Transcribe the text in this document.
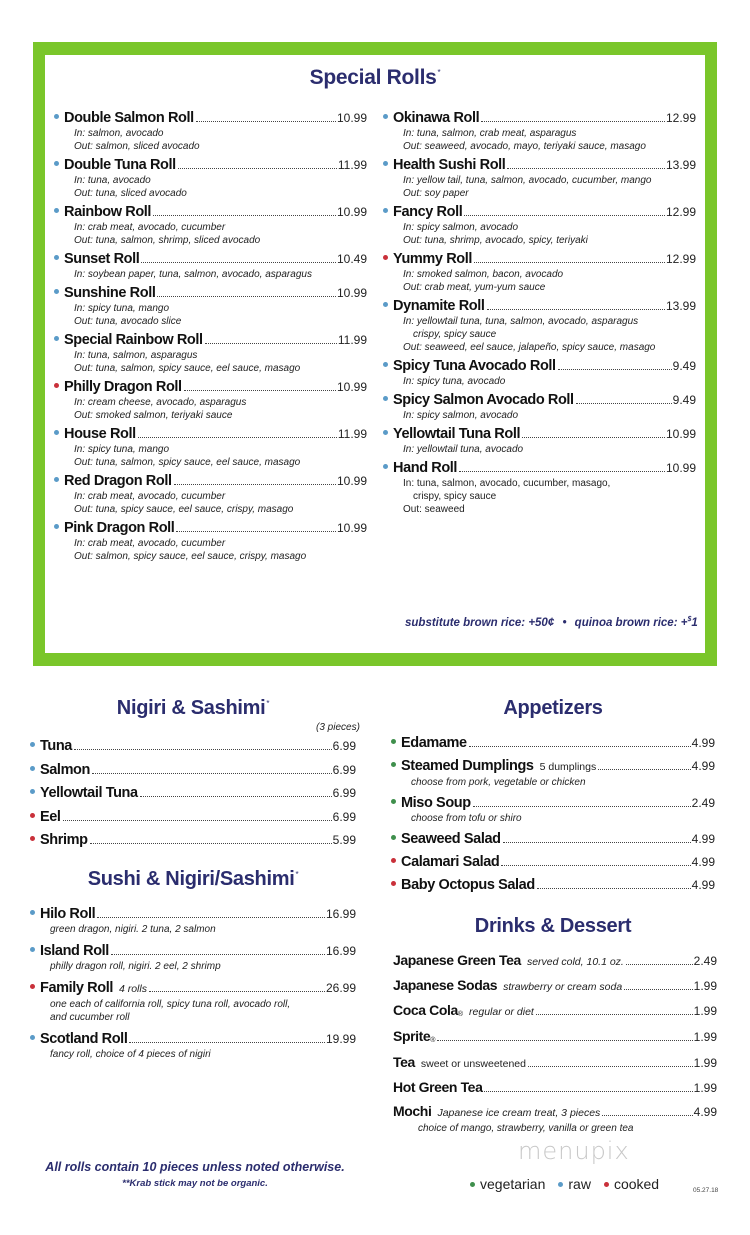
Special Rolls*
Double Salmon Roll	10.99
In: salmon, avocado
Out: salmon, sliced avocado
Double Tuna Roll	11.99
In: tuna, avocado
Out: tuna, sliced avocado
Rainbow Roll	10.99
In: crab meat, avocado, cucumber
Out: tuna, salmon, shrimp, sliced avocado
Sunset Roll	10.49
In: soybean paper, tuna, salmon, avocado, asparagus
Sunshine Roll	10.99
In: spicy tuna, mango
Out: tuna, avocado slice
Special Rainbow Roll	11.99
In: tuna, salmon, asparagus
Out: tuna, salmon, spicy sauce, eel sauce, masago
Philly Dragon Roll	10.99
In: cream cheese, avocado, asparagus
Out: smoked salmon, teriyaki sauce
House Roll	11.99
In: spicy tuna, mango
Out: tuna, salmon, spicy sauce, eel sauce, masago
Red Dragon Roll	10.99
In: crab meat, avocado, cucumber
Out: tuna, spicy sauce, eel sauce, crispy, masago
Pink Dragon Roll	10.99
In: crab meat, avocado, cucumber
Out: salmon, spicy sauce, eel sauce, crispy, masago
Okinawa Roll	12.99
In: tuna, salmon, crab meat, asparagus
Out: seaweed, avocado, mayo, teriyaki sauce, masago
Health Sushi Roll	13.99
In: yellow tail, tuna, salmon, avocado, cucumber, mango
Out: soy paper
Fancy Roll	12.99
In: spicy salmon, avocado
Out: tuna, shrimp, avocado, spicy, teriyaki
Yummy Roll	12.99
In: smoked salmon, bacon, avocado
Out: crab meat, yum-yum sauce
Dynamite Roll	13.99
In: yellowtail tuna, tuna, salmon, avocado, asparagus
crispy, spicy sauce
Out: seaweed, eel sauce, jalapeño, spicy sauce, masago
Spicy Tuna Avocado Roll	9.49
In: spicy tuna, avocado
Spicy Salmon Avocado Roll	9.49
In: spicy salmon, avocado
Yellowtail Tuna Roll	10.99
In: yellowtail tuna, avocado
Hand Roll	10.99
In: tuna, salmon, avocado, cucumber, masago,
crispy, spicy sauce
Out: seaweed
substitute brown rice: +50¢ • quinoa brown rice: +$1
Nigiri & Sashimi*
(3 pieces)
Tuna	6.99
Salmon	6.99
Yellowtail Tuna	6.99
Eel	6.99
Shrimp	5.99
Sushi & Nigiri/Sashimi*
Hilo Roll	16.99
green dragon, nigiri. 2 tuna, 2 salmon
Island Roll	16.99
philly dragon roll, nigiri. 2 eel, 2 shrimp
Family Roll 4 rolls	26.99
one each of california roll, spicy tuna roll, avocado roll,
and cucumber roll
Scotland Roll	19.99
fancy roll, choice of 4 pieces of nigiri
Appetizers
Edamame	4.99
Steamed Dumplings 5 dumplings	4.99
choose from pork, vegetable or chicken
Miso Soup	2.49
choose from tofu or shiro
Seaweed Salad	4.99
Calamari Salad	4.99
Baby Octopus Salad	4.99
Drinks & Dessert
Japanese Green Tea served cold, 10.1 oz.	2.49
Japanese Sodas strawberry or cream soda	1.99
Coca Cola ® regular or diet	1.99
Sprite ®	1.99
Tea sweet or unsweetened	1.99
Hot Green Tea	1.99
Mochi Japanese ice cream treat, 3 pieces	4.99
choice of mango, strawberry, vanilla or green tea
All rolls contain 10 pieces unless noted otherwise.
**Krab stick may not be organic.
menupix
vegetarian raw cooked	05.27.18
